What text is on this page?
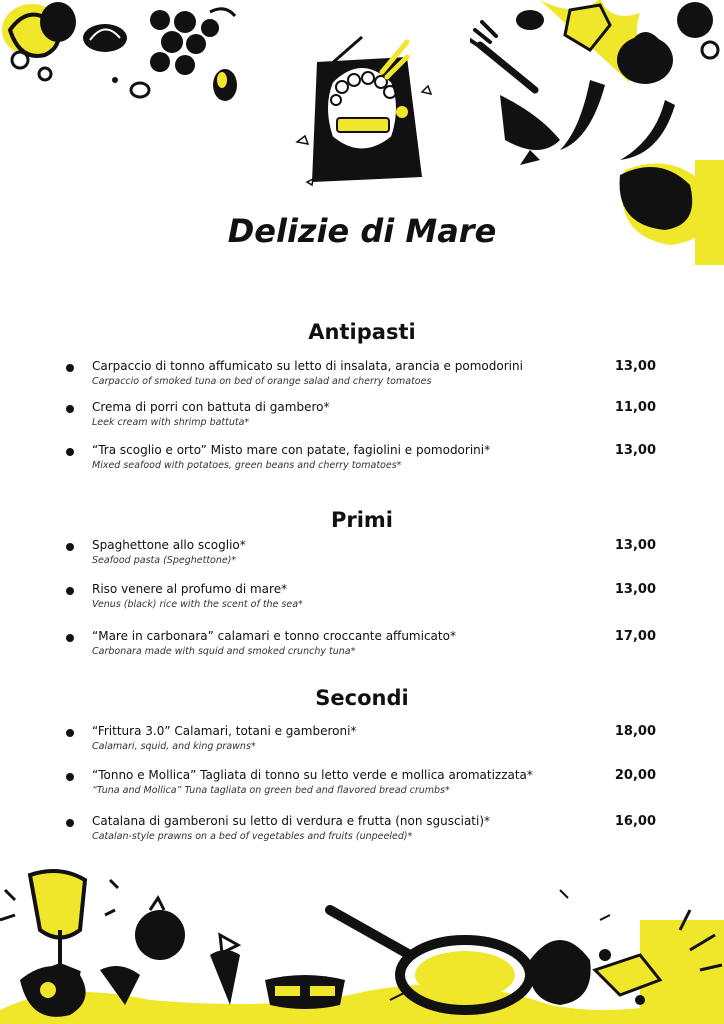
Delizie di Mare
Antipasti
Carpaccio di tonno affumicato su letto di insalata, arancia e pomodorini
Carpaccio of smoked tuna on bed of orange salad and cherry tomatoes
13,00
Crema di porri con battuta di gambero*
Leek cream with shrimp battuta*
11,00
“Tra scoglio e orto” Misto mare con patate, fagiolini e pomodorini*
Mixed seafood with potatoes, green beans and cherry tomatoes*
13,00
Primi
Spaghettone allo scoglio*
Seafood pasta (Speghettone)*
13,00
Riso venere al profumo di mare*
Venus (black) rice with the scent of the sea*
13,00
“Mare in carbonara” calamari e tonno croccante affumicato*
Carbonara made with squid and smoked crunchy tuna*
17,00
Secondi
“Frittura 3.0” Calamari, totani e gamberoni*
Calamari, squid, and king prawns*
18,00
“Tonno e Mollica” Tagliata di tonno su letto verde e mollica aromatizzata*
“Tuna and Mollica” Tuna tagliata on green bed and flavored bread crumbs*
20,00
Catalana di gamberoni su letto di verdura e frutta (non sgusciati)*
Catalan-style prawns on a bed of vegetables and fruits (unpeeled)*
16,00
